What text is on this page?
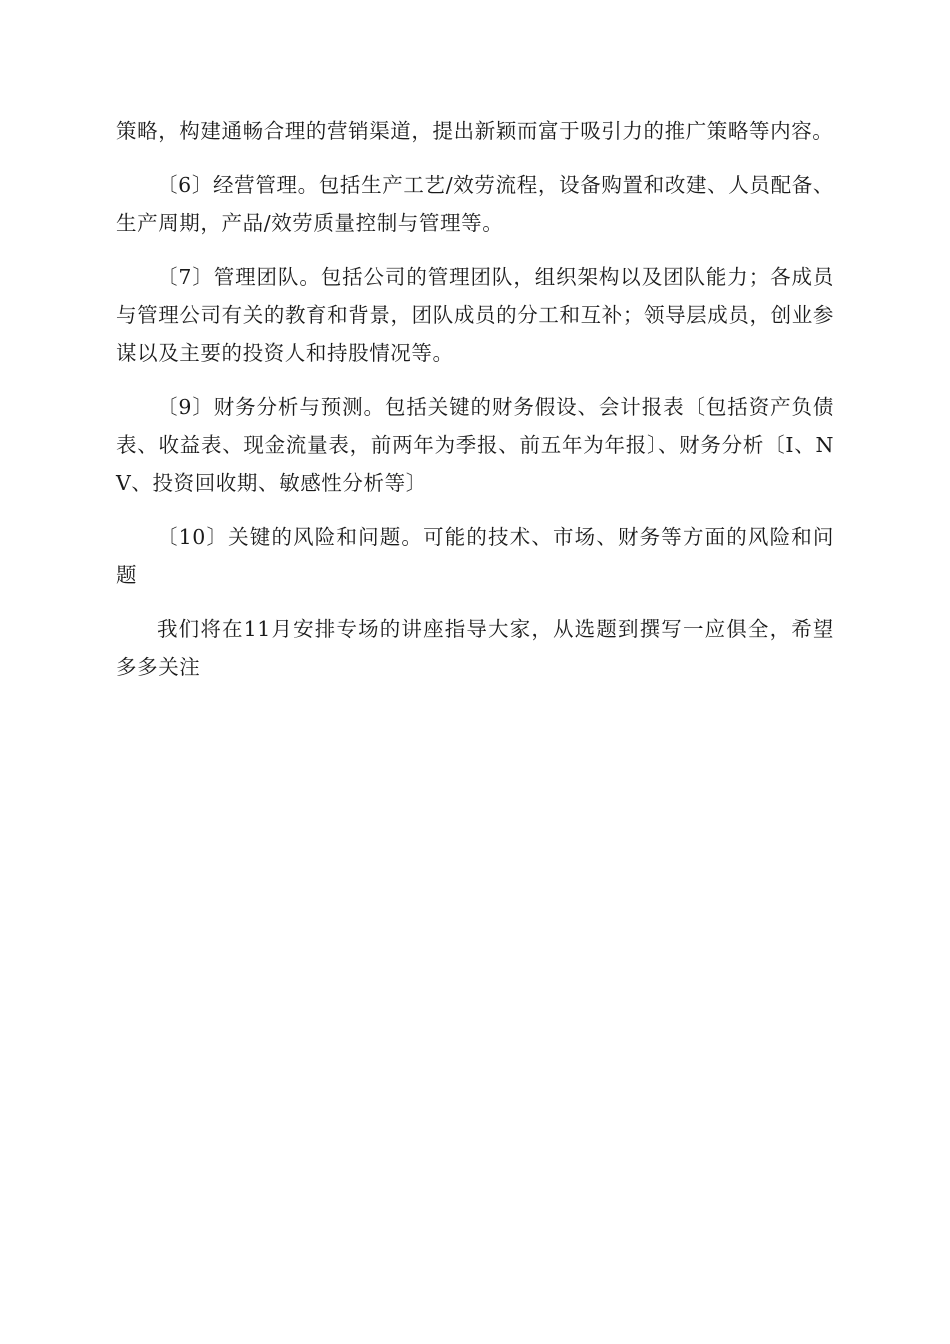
策略，构建通畅合理的营销渠道，提出新颖而富于吸引力的推广策略等内容。

〔6〕经营管理。包括生产工艺/效劳流程，设备购置和改建、人员配备、生产周期，产品/效劳质量控制与管理等。

〔7〕管理团队。包括公司的管理团队，组织架构以及团队能力；各成员与管理公司有关的教育和背景，团队成员的分工和互补；领导层成员，创业参谋以及主要的投资人和持股情况等。

〔9〕财务分析与预测。包括关键的财务假设、会计报表〔包括资产负债表、收益表、现金流量表，前两年为季报、前五年为年报〕、财务分析〔I、NV、投资回收期、敏感性分析等〕

〔10〕关键的风险和问题。可能的技术、市场、财务等方面的风险和问题

我们将在11月安排专场的讲座指导大家，从选题到撰写一应俱全，希望多多关注
